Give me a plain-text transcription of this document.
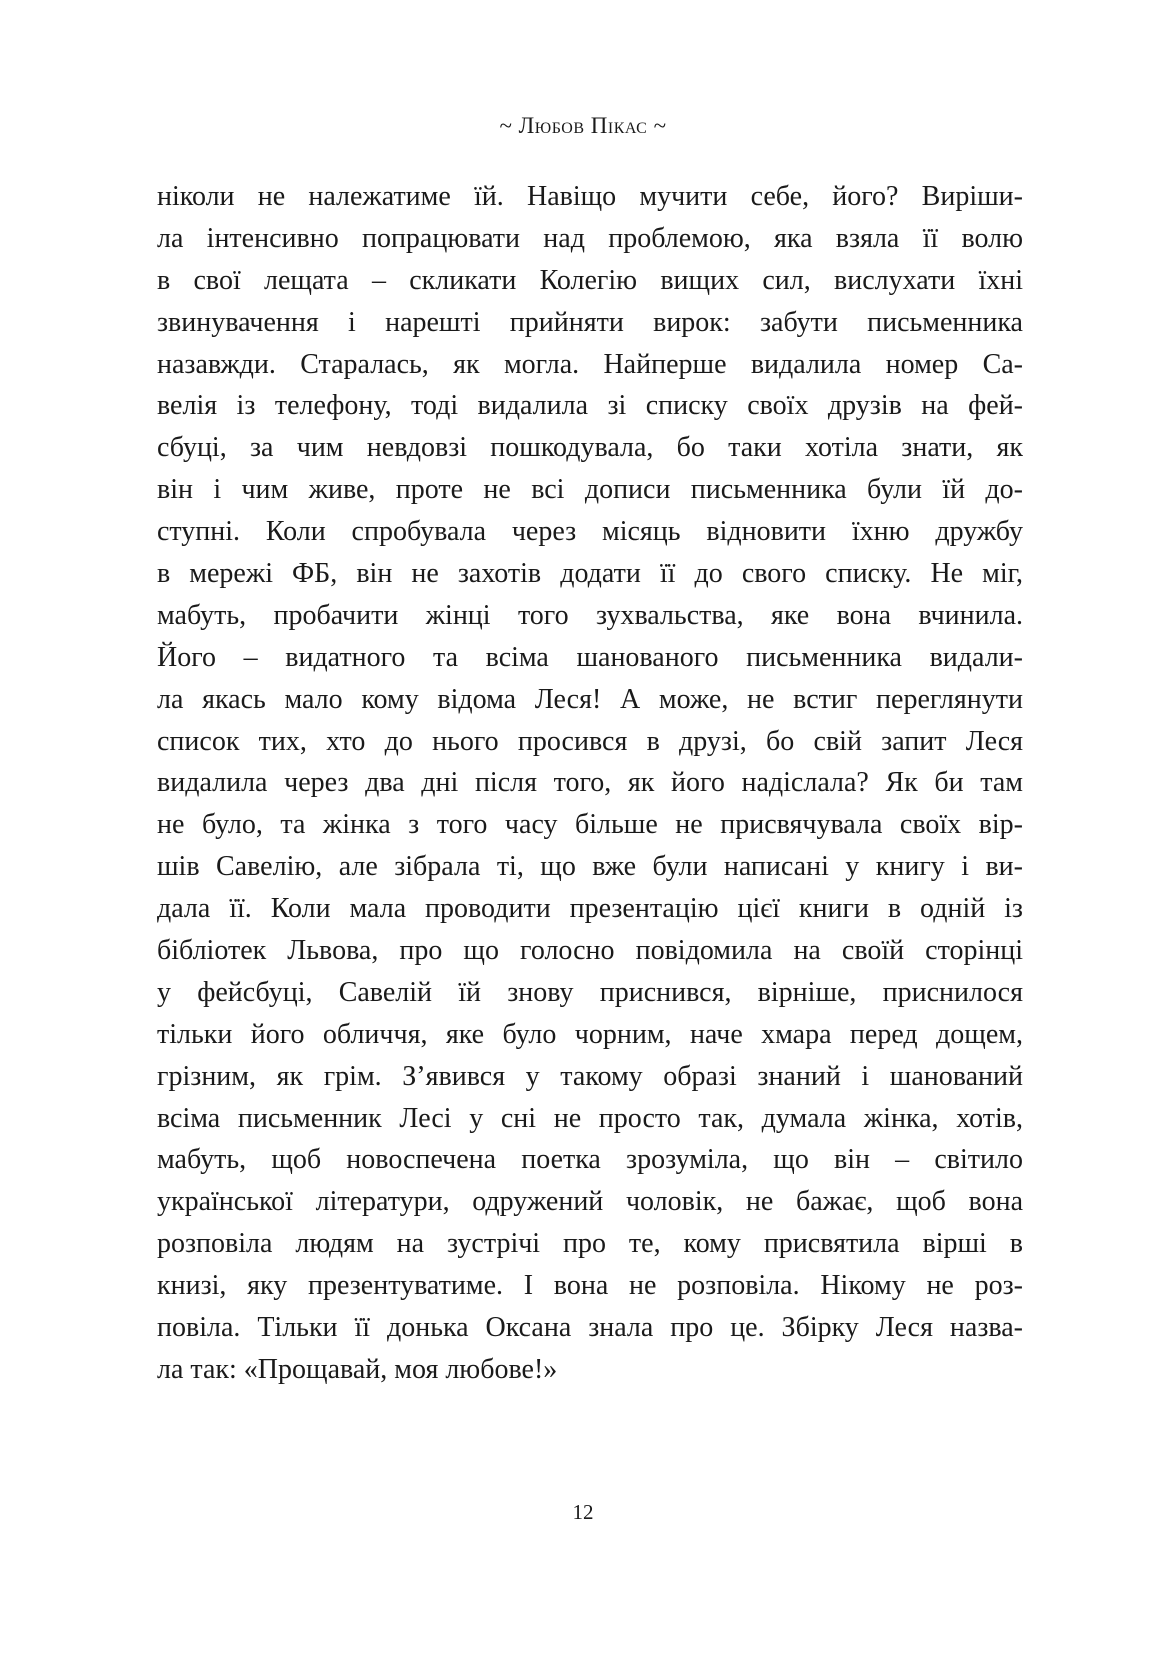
~ Любов Пікас ~
ніколи не належатиме їй. Навіщо мучити себе, його? Виріши-
ла інтенсивно попрацювати над проблемою, яка взяла її волю
в свої лещата – скликати Колегію вищих сил, вислухати їхні
звинувачення і нарешті прийняти вирок: забути письменника
назавжди. Старалась, як могла. Найперше видалила номер Са-
велія із телефону, тоді видалила зі списку своїх друзів на фей-
сбуці, за чим невдовзі пошкодувала, бо таки хотіла знати, як
він і чим живе, проте не всі дописи письменника були їй до-
ступні. Коли спробувала через місяць відновити їхню дружбу
в мережі ФБ, він не захотів додати її до свого списку. Не міг,
мабуть, пробачити жінці того зухвальства, яке вона вчинила.
Його – видатного та всіма шанованого письменника видали-
ла якась мало кому відома Леся! А може, не встиг переглянути
список тих, хто до нього просився в друзі, бо свій запит Леся
видалила через два дні після того, як його надіслала? Як би там
не було, та жінка з того часу більше не присвячувала своїх вір-
шів Савелію, але зібрала ті, що вже були написані у книгу і ви-
дала її. Коли мала проводити презентацію цієї книги в одній із
бібліотек Львова, про що голосно повідомила на своїй сторінці
у фейсбуці, Савелій їй знову приснився, вірніше, приснилося
тільки його обличчя, яке було чорним, наче хмара перед дощем,
грізним, як грім. З’явився у такому образі знаний і шанований
всіма письменник Лесі у сні не просто так, думала жінка, хотів,
мабуть, щоб новоспечена поетка зрозуміла, що він – світило
української літератури, одружений чоловік, не бажає, щоб вона
розповіла людям на зустрічі про те, кому присвятила вірші в
книзі, яку презентуватиме. І вона не розповіла. Нікому не роз-
повіла. Тільки її донька Оксана знала про це. Збірку Леся назва-
ла так: «Прощавай, моя любове!»
12
